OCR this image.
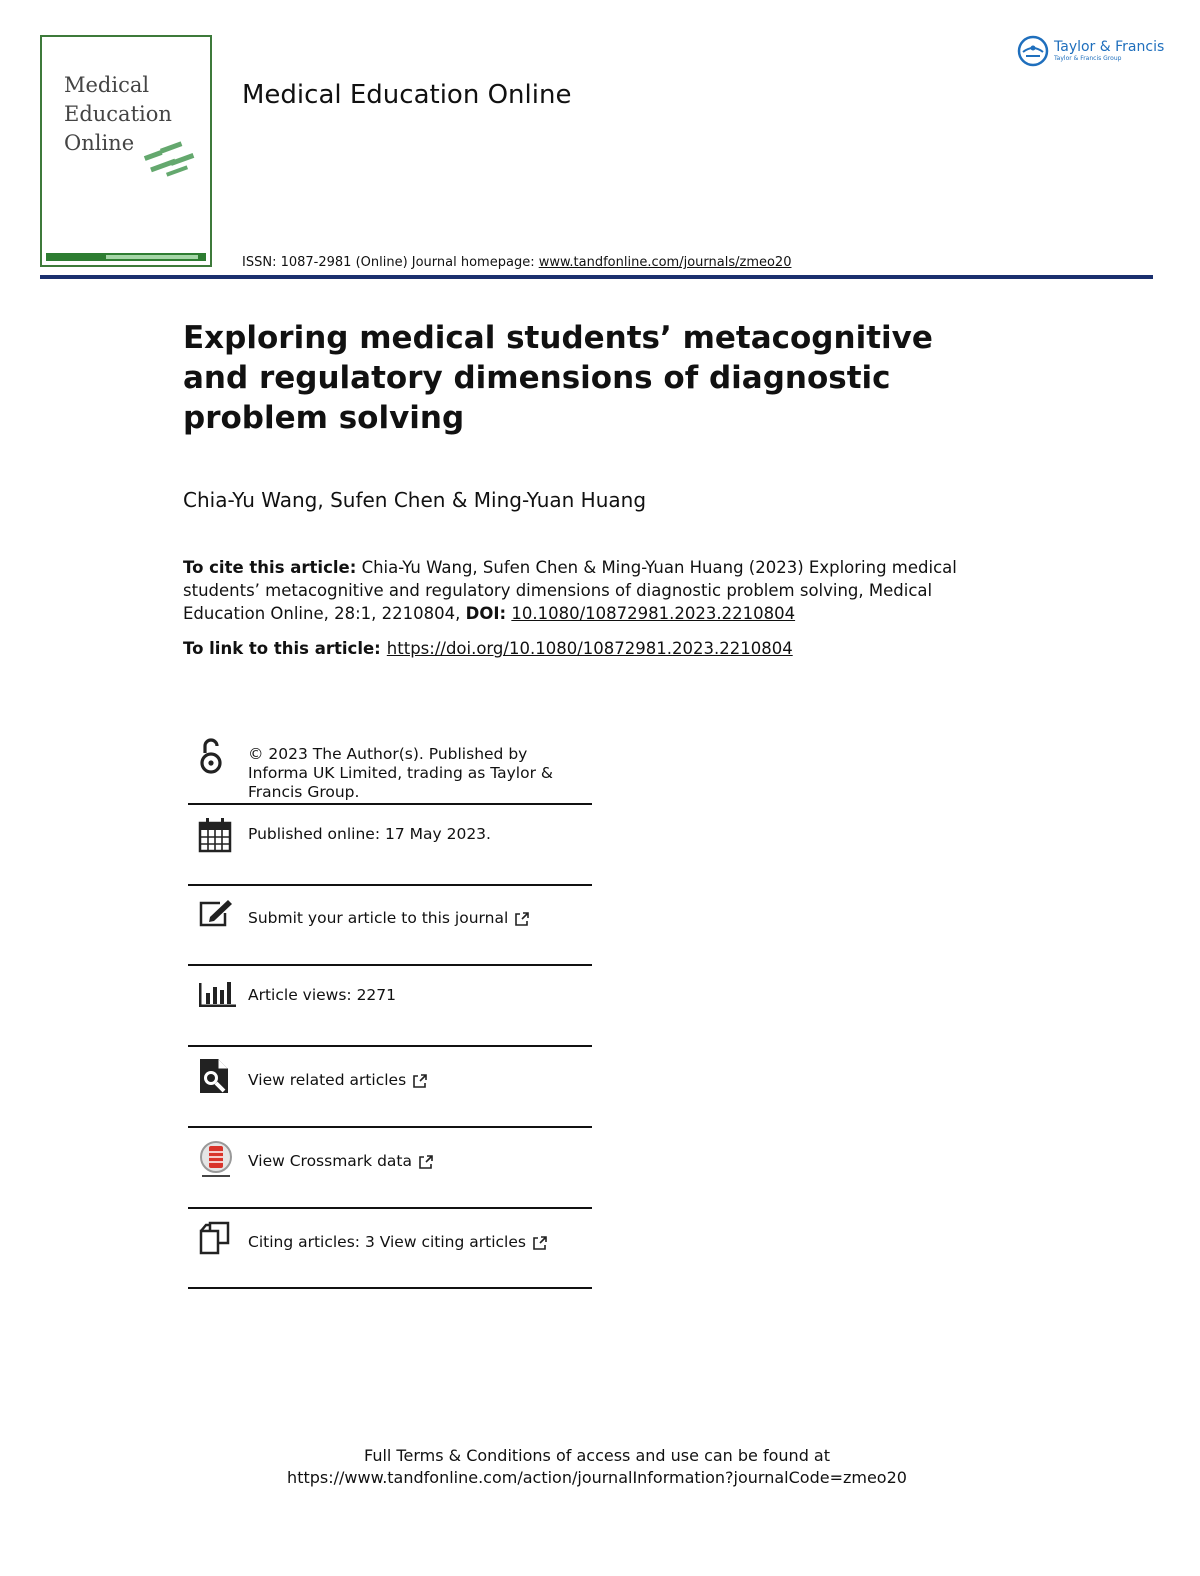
Medical
Education
Online
Medical Education Online
Taylor & Francis
Taylor & Francis Group
ISSN: 1087-2981 (Online) Journal homepage: www.tandfonline.com/journals/zmeo20
Exploring medical students’ metacognitive and regulatory dimensions of diagnostic problem solving
Chia-Yu Wang, Sufen Chen & Ming-Yuan Huang
To cite this article: Chia-Yu Wang, Sufen Chen & Ming-Yuan Huang (2023) Exploring medical students’ metacognitive and regulatory dimensions of diagnostic problem solving, Medical Education Online, 28:1, 2210804, DOI: 10.1080/10872981.2023.2210804
To link to this article: https://doi.org/10.1080/10872981.2023.2210804
© 2023 The Author(s). Published by Informa UK Limited, trading as Taylor & Francis Group.
Published online: 17 May 2023.
Submit your article to this journal
Article views: 2271
View related articles
View Crossmark data
Citing articles: 3 View citing articles
Full Terms & Conditions of access and use can be found at
https://www.tandfonline.com/action/journalInformation?journalCode=zmeo20
